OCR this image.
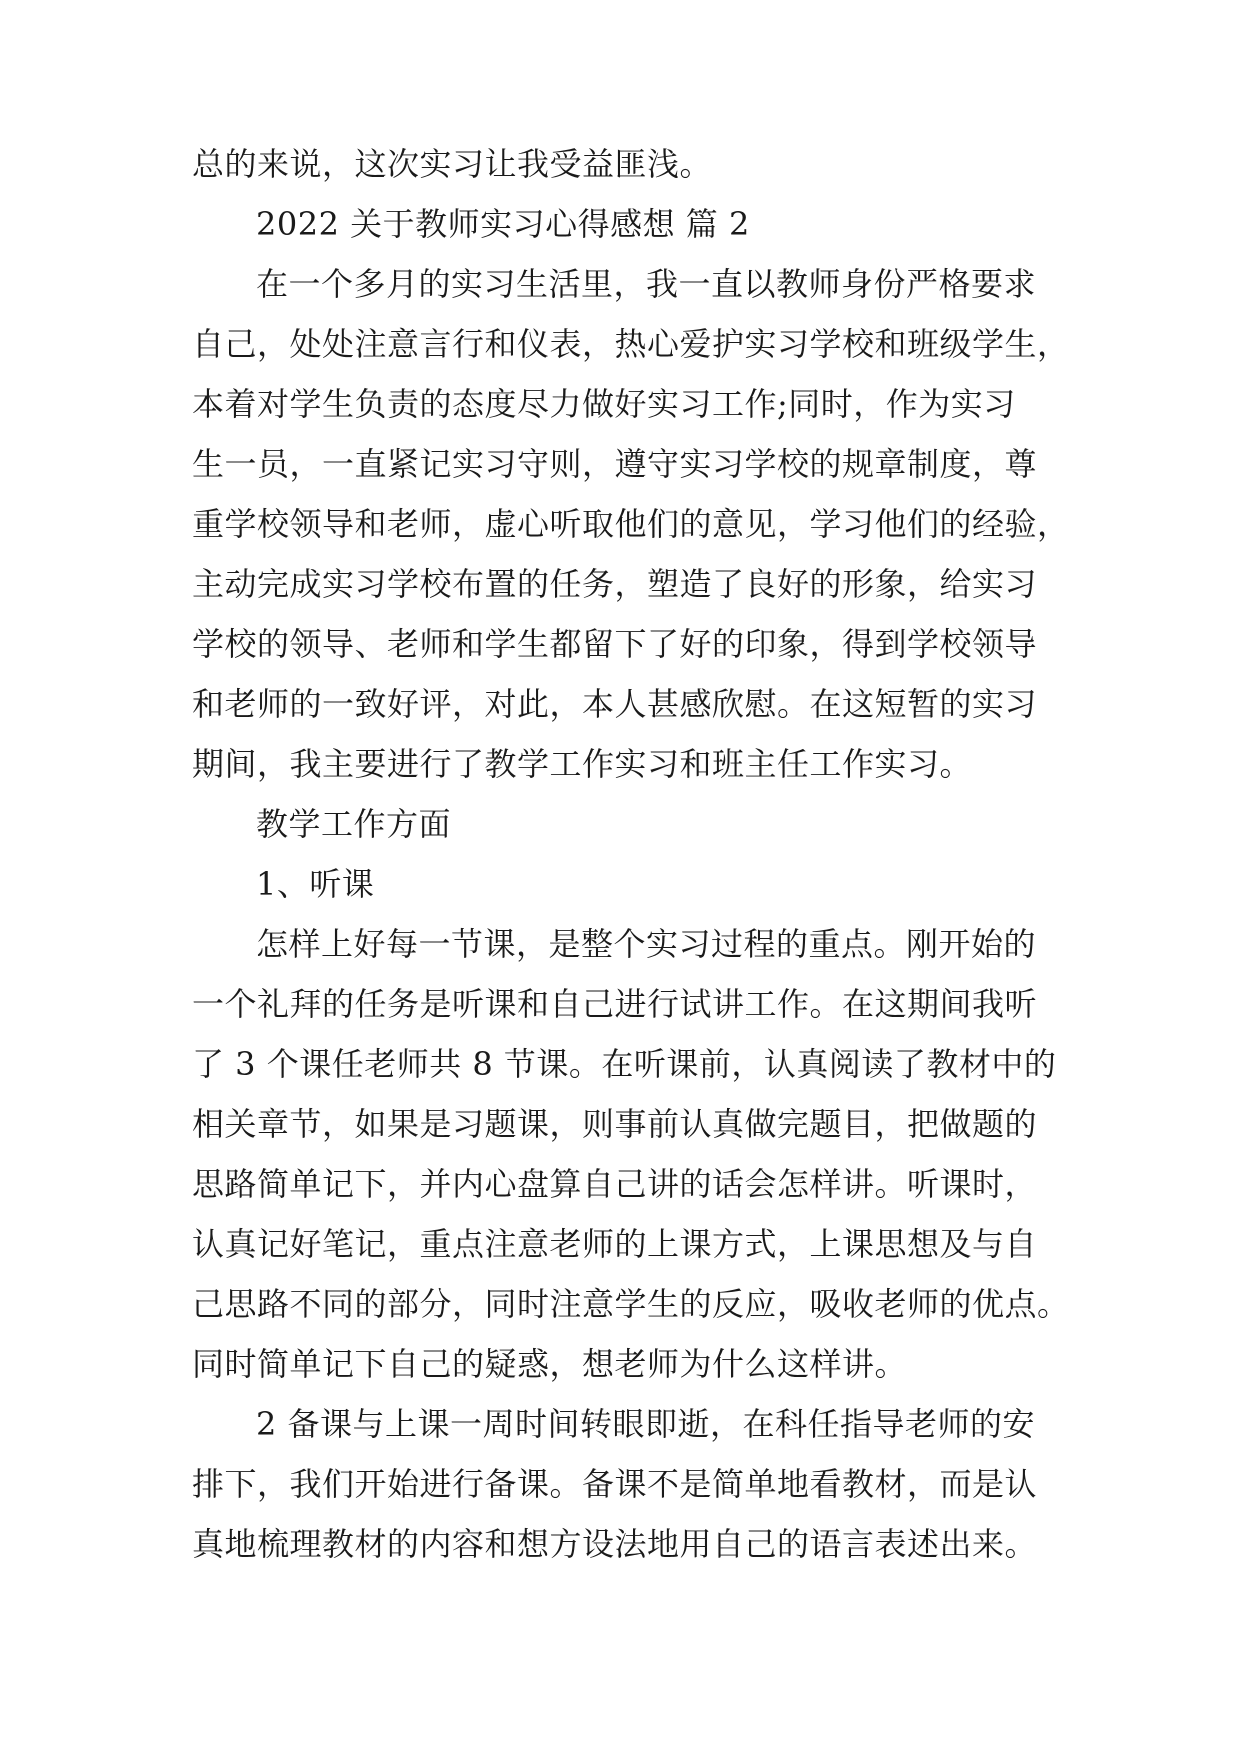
总的来说，这次实习让我受益匪浅。
2022 关于教师实习心得感想 篇 2
在一个多月的实习生活里，我一直以教师身份严格要求
自己，处处注意言行和仪表，热心爱护实习学校和班级学生，
本着对学生负责的态度尽力做好实习工作;同时，作为实习
生一员，一直紧记实习守则，遵守实习学校的规章制度，尊
重学校领导和老师，虚心听取他们的意见，学习他们的经验，
主动完成实习学校布置的任务，塑造了良好的形象，给实习
学校的领导、老师和学生都留下了好的印象，得到学校领导
和老师的一致好评，对此，本人甚感欣慰。在这短暂的实习
期间，我主要进行了教学工作实习和班主任工作实习。
教学工作方面
1、听课
怎样上好每一节课，是整个实习过程的重点。刚开始的
一个礼拜的任务是听课和自己进行试讲工作。在这期间我听
了 3 个课任老师共 8 节课。在听课前，认真阅读了教材中的
相关章节，如果是习题课，则事前认真做完题目，把做题的
思路简单记下，并内心盘算自己讲的话会怎样讲。听课时，
认真记好笔记，重点注意老师的上课方式，上课思想及与自
己思路不同的部分，同时注意学生的反应，吸收老师的优点。
同时简单记下自己的疑惑，想老师为什么这样讲。
2 备课与上课一周时间转眼即逝，在科任指导老师的安
排下，我们开始进行备课。备课不是简单地看教材，而是认
真地梳理教材的内容和想方设法地用自己的语言表述出来。
